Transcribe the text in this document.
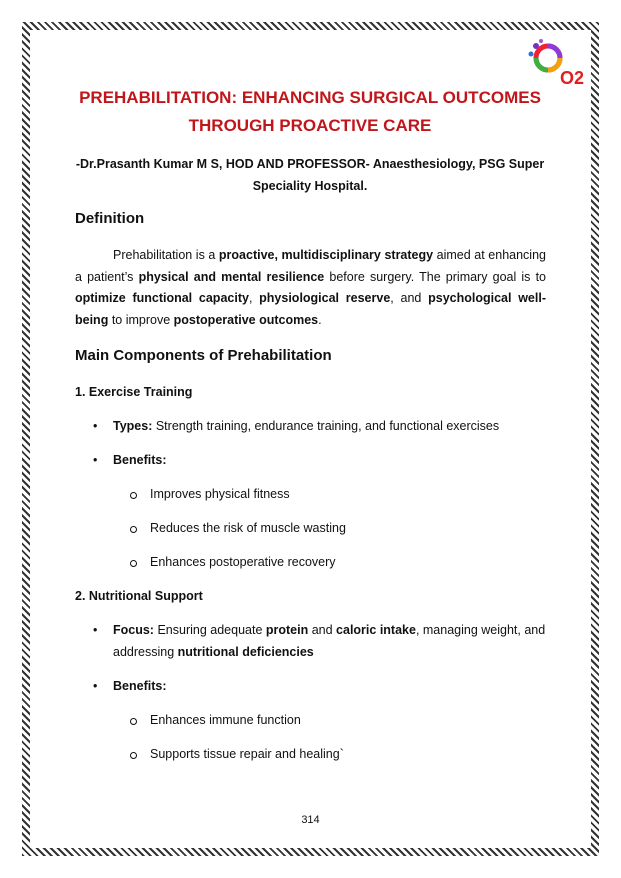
O2
PREHABILITATION: ENHANCING SURGICAL OUTCOMES
THROUGH PROACTIVE CARE
-Dr.Prasanth Kumar M S, HOD AND PROFESSOR- Anaesthesiology, PSG Super
Speciality Hospital.
Definition
Prehabilitation is a proactive, multidisciplinary strategy aimed at enhancing a patient’s physical and mental resilience before surgery. The primary goal is to optimize functional capacity, physiological reserve, and psychological well-being to improve postoperative outcomes.
Main Components of Prehabilitation
1. Exercise Training
• Types: Strength training, endurance training, and functional exercises
• Benefits:
Improves physical fitness
Reduces the risk of muscle wasting
Enhances postoperative recovery
2. Nutritional Support
• Focus: Ensuring adequate protein and caloric intake, managing weight, and addressing nutritional deficiencies
• Benefits:
Enhances immune function
Supports tissue repair and healing`
314
